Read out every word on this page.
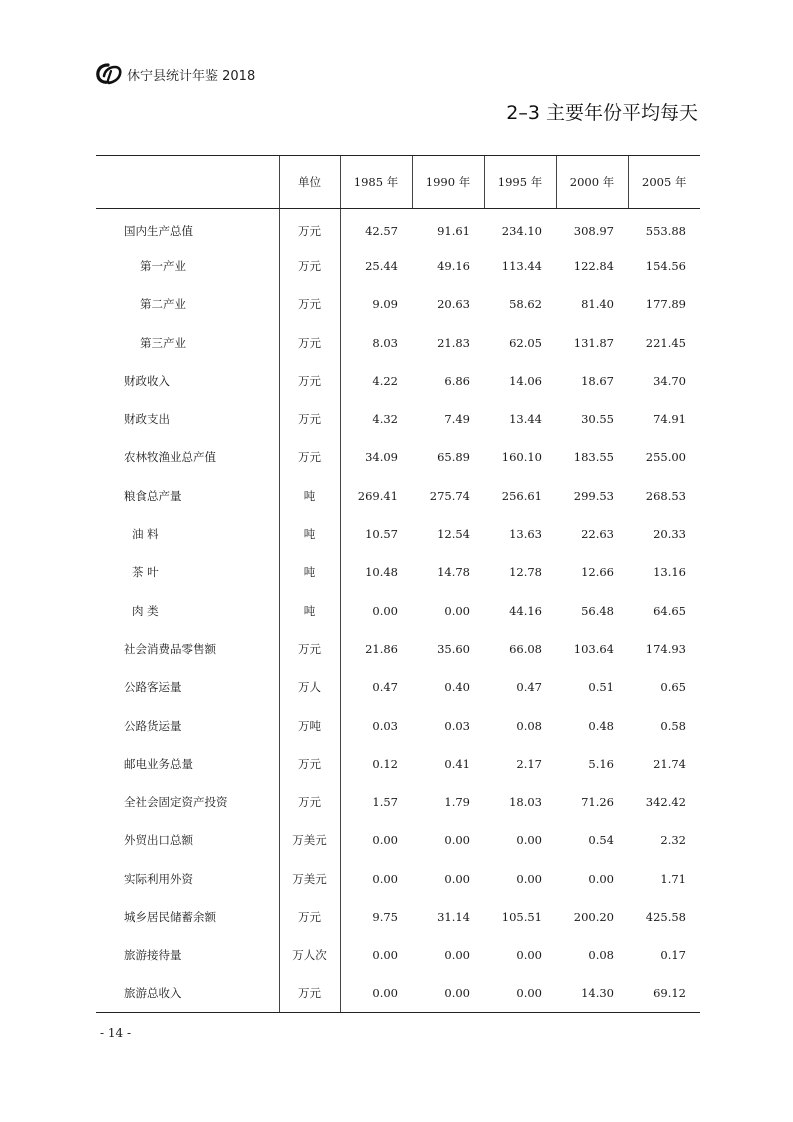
休宁县统计年鉴 2018
2–3 主要年份平均每天
	单位	1985 年	1990 年	1995 年	2000 年	2005 年
国内生产总值	万元	42.57	91.61	234.10	308.97	553.88
第一产业	万元	25.44	49.16	113.44	122.84	154.56
第二产业	万元	9.09	20.63	58.62	81.40	177.89
第三产业	万元	8.03	21.83	62.05	131.87	221.45
财政收入	万元	4.22	6.86	14.06	18.67	34.70
财政支出	万元	4.32	7.49	13.44	30.55	74.91
农林牧渔业总产值	万元	34.09	65.89	160.10	183.55	255.00
粮食总产量	吨	269.41	275.74	256.61	299.53	268.53
油 料	吨	10.57	12.54	13.63	22.63	20.33
茶 叶	吨	10.48	14.78	12.78	12.66	13.16
肉 类	吨	0.00	0.00	44.16	56.48	64.65
社会消费品零售额	万元	21.86	35.60	66.08	103.64	174.93
公路客运量	万人	0.47	0.40	0.47	0.51	0.65
公路货运量	万吨	0.03	0.03	0.08	0.48	0.58
邮电业务总量	万元	0.12	0.41	2.17	5.16	21.74
全社会固定资产投资	万元	1.57	1.79	18.03	71.26	342.42
外贸出口总额	万美元	0.00	0.00	0.00	0.54	2.32
实际利用外资	万美元	0.00	0.00	0.00	0.00	1.71
城乡居民储蓄余额	万元	9.75	31.14	105.51	200.20	425.58
旅游接待量	万人次	0.00	0.00	0.00	0.08	0.17
旅游总收入	万元	0.00	0.00	0.00	14.30	69.12
- 14 -
